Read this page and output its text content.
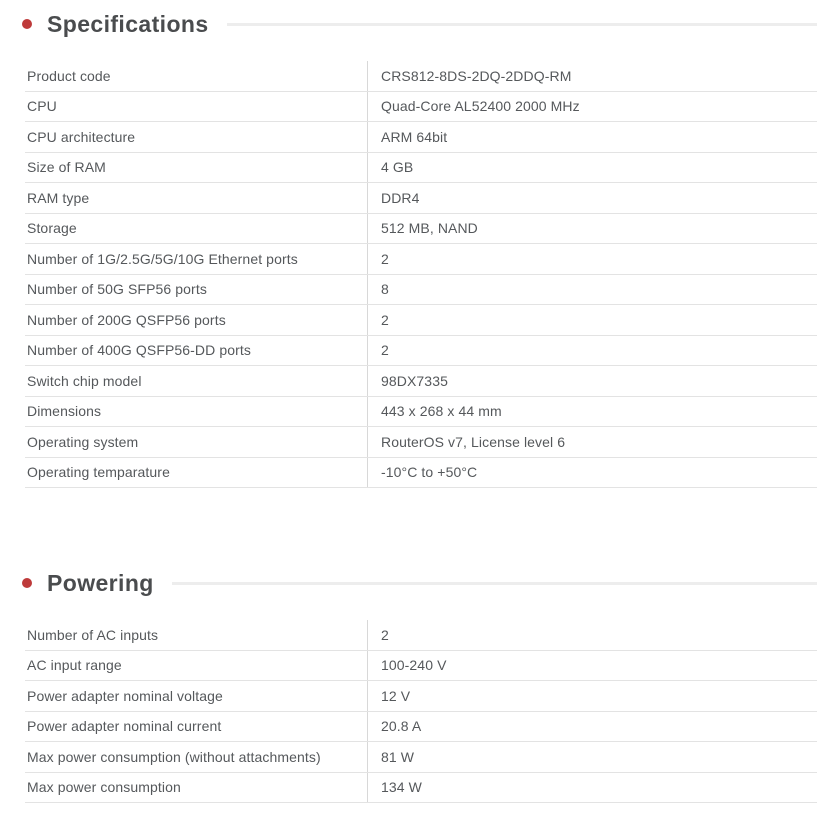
Specifications
Product code	CRS812-8DS-2DQ-2DDQ-RM
CPU	Quad-Core AL52400 2000 MHz
CPU architecture	ARM 64bit
Size of RAM	4 GB
RAM type	DDR4
Storage	512 MB, NAND
Number of 1G/2.5G/5G/10G Ethernet ports	2
Number of 50G SFP56 ports	8
Number of 200G QSFP56 ports	2
Number of 400G QSFP56-DD ports	2
Switch chip model	98DX7335
Dimensions	443 x 268 x 44 mm
Operating system	RouterOS v7, License level 6
Operating temparature	-10°C to +50°C
Powering
Number of AC inputs	2
AC input range	100-240 V
Power adapter nominal voltage	12 V
Power adapter nominal current	20.8 A
Max power consumption (without attachments)	81 W
Max power consumption	134 W
